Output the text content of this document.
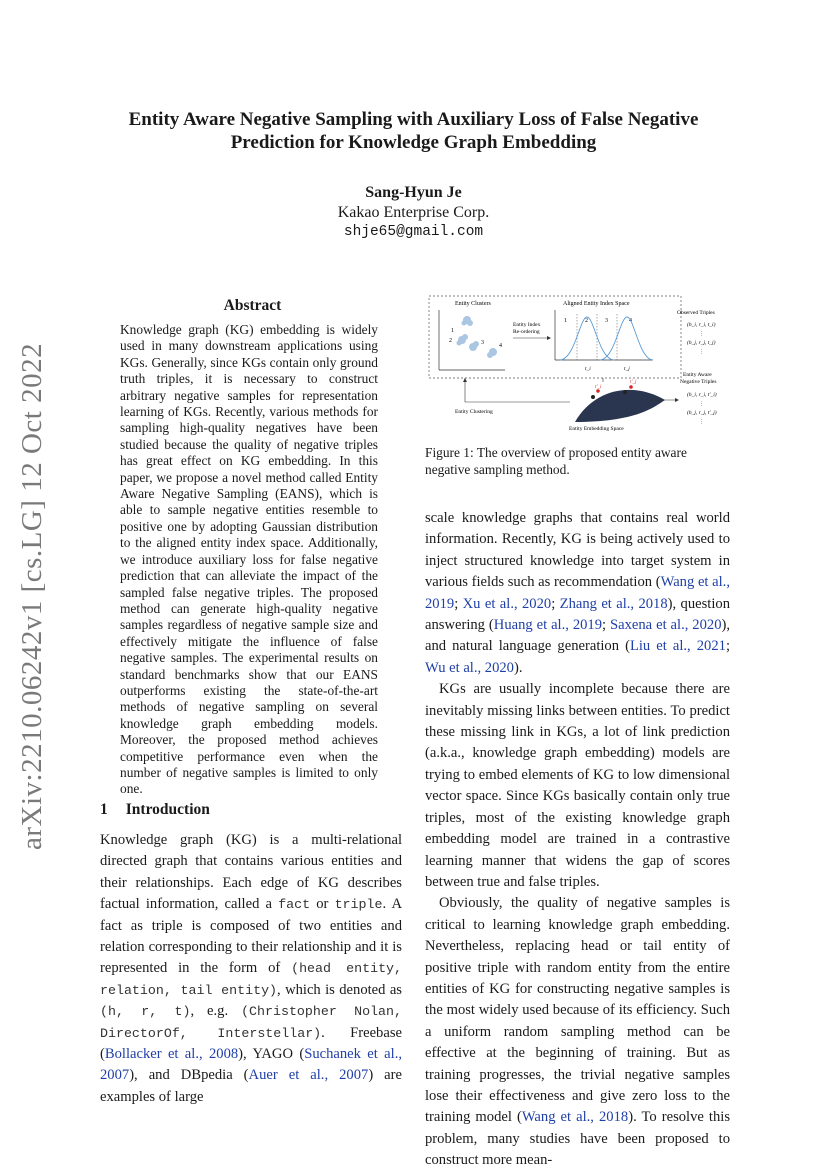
Entity Aware Negative Sampling with Auxiliary Loss of False Negative
Prediction for Knowledge Graph Embedding
Sang-Hyun Je
Kakao Enterprise Corp.
shje65@gmail.com
arXiv:2210.06242v1 [cs.LG] 12 Oct 2022
Abstract
Knowledge graph (KG) embedding is widely used in many downstream applications using KGs. Generally, since KGs contain only ground truth triples, it is necessary to construct arbitrary negative samples for representation learning of KGs. Recently, various methods for sampling high-quality negatives have been studied because the quality of negative triples has great effect on KG embedding. In this paper, we propose a novel method called Entity Aware Negative Sampling (EANS), which is able to sample negative entities resemble to positive one by adopting Gaussian distribution to the aligned entity index space. Additionally, we introduce auxiliary loss for false negative prediction that can alleviate the impact of the sampled false negative triples. The proposed method can generate high-quality negative samples regardless of negative sample size and effectively mitigate the influence of false negative samples. The experimental results on standard benchmarks show that our EANS outperforms existing the state-of-the-art methods of negative sampling on several knowledge graph embedding models. Moreover, the proposed method achieves competitive performance even when the number of negative samples is limited to only one.
1 Introduction

Knowledge graph (KG) is a multi-relational directed graph that contains various entities and their relationships. Each edge of KG describes factual information, called a fact or triple. A fact as triple is composed of two entities and relation corresponding to their relationship and it is represented in the form of (head entity, relation, tail entity), which is denoted as (h, r, t), e.g. (Christopher Nolan, DirectorOf, Interstellar). Freebase (Bollacker et al., 2008), YAGO (Suchanek et al., 2007), and DBpedia (Auer et al., 2007) are examples of large

Entity Clusters
1
2	3	4
Entity Index
Re-ordering
Aligned Entity Index Space
1	2	3	4
t_i	t_j
Observed Triples
(h_i, r_i, t_i)
(h_j, r_j, t_j)
⋮
⋮
t'_i
t'_j
Entity Embedding Space
Entity Clustering
Entity Aware
Negative Triples
(h_i, r_i, t'_i)
(h_j, r_j, t'_j)
⋮
⋮
Figure 1: The overview of proposed entity aware negative sampling method.

scale knowledge graphs that contains real world information. Recently, KG is being actively used to inject structured knowledge into target system in various fields such as recommendation (Wang et al., 2019; Xu et al., 2020; Zhang et al., 2018), question answering (Huang et al., 2019; Saxena et al., 2020), and natural language generation (Liu et al., 2021; Wu et al., 2020).

KGs are usually incomplete because there are inevitably missing links between entities. To predict these missing link in KGs, a lot of link prediction (a.k.a., knowledge graph embedding) models are trying to embed elements of KG to low dimensional vector space. Since KGs basically contain only true triples, most of the existing knowledge graph embedding model are trained in a contrastive learning manner that widens the gap of scores between true and false triples.

Obviously, the quality of negative samples is critical to learning knowledge graph embedding. Nevertheless, replacing head or tail entity of positive triple with random entity from the entire entities of KG for constructing negative samples is the most widely used because of its efficiency. Such a uniform random sampling method can be effective at the beginning of training. But as training progresses, the trivial negative samples lose their effectiveness and give zero loss to the training model (Wang et al., 2018). To resolve this problem, many studies have been proposed to construct more mean-
